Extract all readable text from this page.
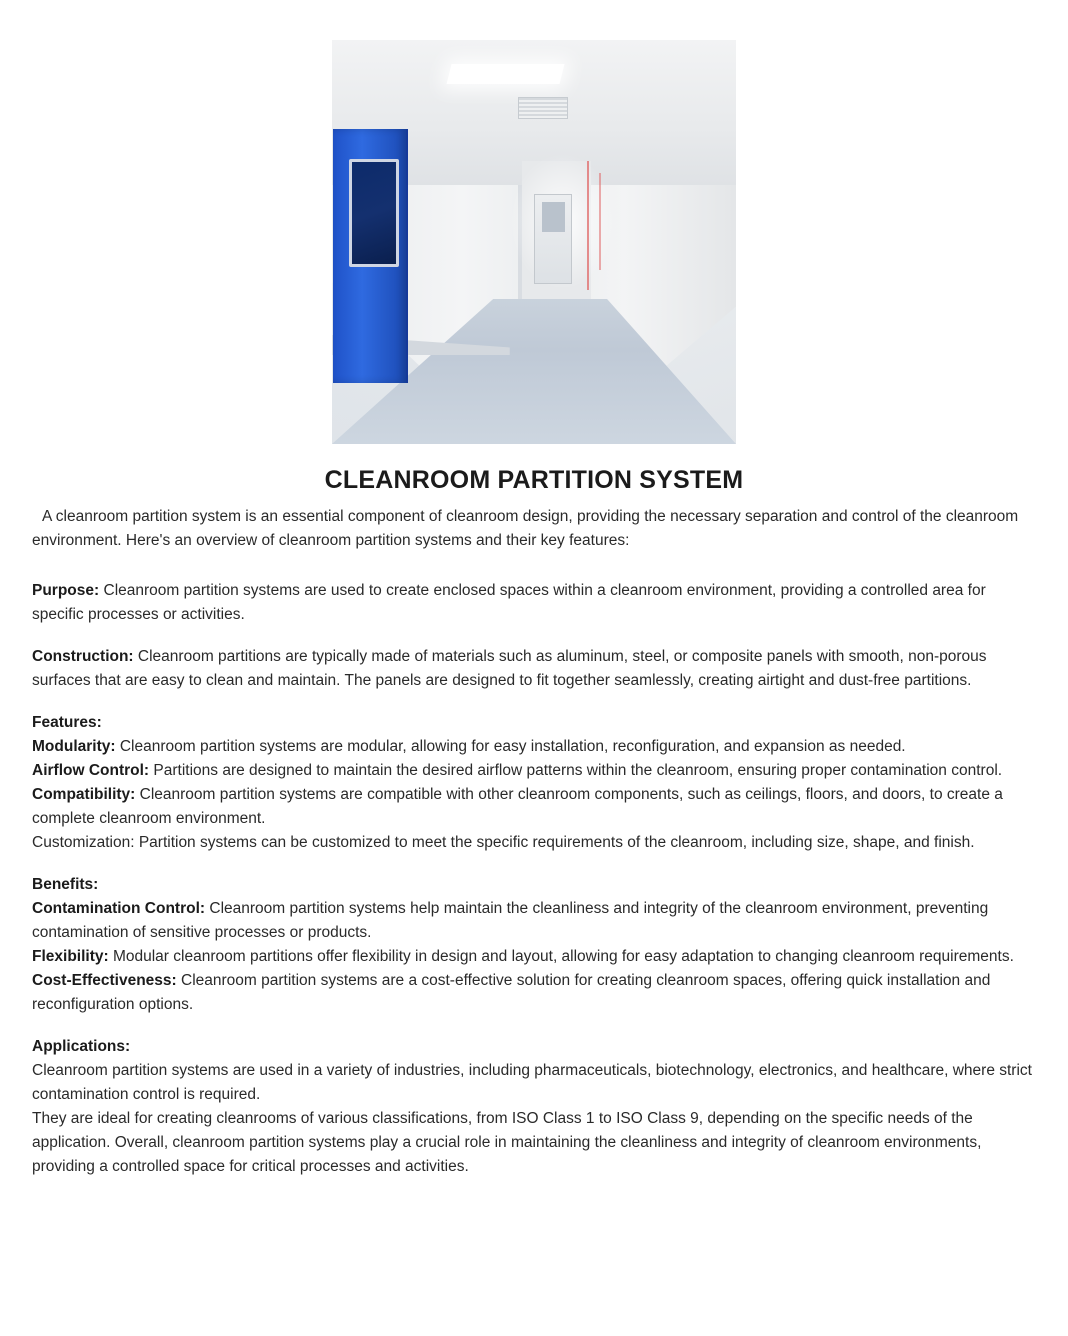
CLEANROOM PARTITION SYSTEM

A cleanroom partition system is an essential component of cleanroom design, providing the necessary separation and control of the cleanroom environment. Here's an overview of cleanroom partition systems and their key features:

Purpose: Cleanroom partition systems are used to create enclosed spaces within a cleanroom environment, providing a controlled area for specific processes or activities.

Construction: Cleanroom partitions are typically made of materials such as aluminum, steel, or composite panels with smooth, non-porous surfaces that are easy to clean and maintain. The panels are designed to fit together seamlessly, creating airtight and dust-free partitions.

Features:

Modularity: Cleanroom partition systems are modular, allowing for easy installation, reconfiguration, and expansion as needed.
Airflow Control: Partitions are designed to maintain the desired airflow patterns within the cleanroom, ensuring proper contamination control.
Compatibility: Cleanroom partition systems are compatible with other cleanroom components, such as ceilings, floors, and doors, to create a complete cleanroom environment.
Customization: Partition systems can be customized to meet the specific requirements of the cleanroom, including size, shape, and finish.

Benefits:

Contamination Control: Cleanroom partition systems help maintain the cleanliness and integrity of the cleanroom environment, preventing contamination of sensitive processes or products.
Flexibility: Modular cleanroom partitions offer flexibility in design and layout, allowing for easy adaptation to changing cleanroom requirements. Cost-Effectiveness: Cleanroom partition systems are a cost-effective solution for creating cleanroom spaces, offering quick installation and reconfiguration options.

Applications:

Cleanroom partition systems are used in a variety of industries, including pharmaceuticals, biotechnology, electronics, and healthcare, where strict contamination control is required.
They are ideal for creating cleanrooms of various classifications, from ISO Class 1 to ISO Class 9, depending on the specific needs of the application. Overall, cleanroom partition systems play a crucial role in maintaining the cleanliness and integrity of cleanroom environments, providing a controlled space for critical processes and activities.
